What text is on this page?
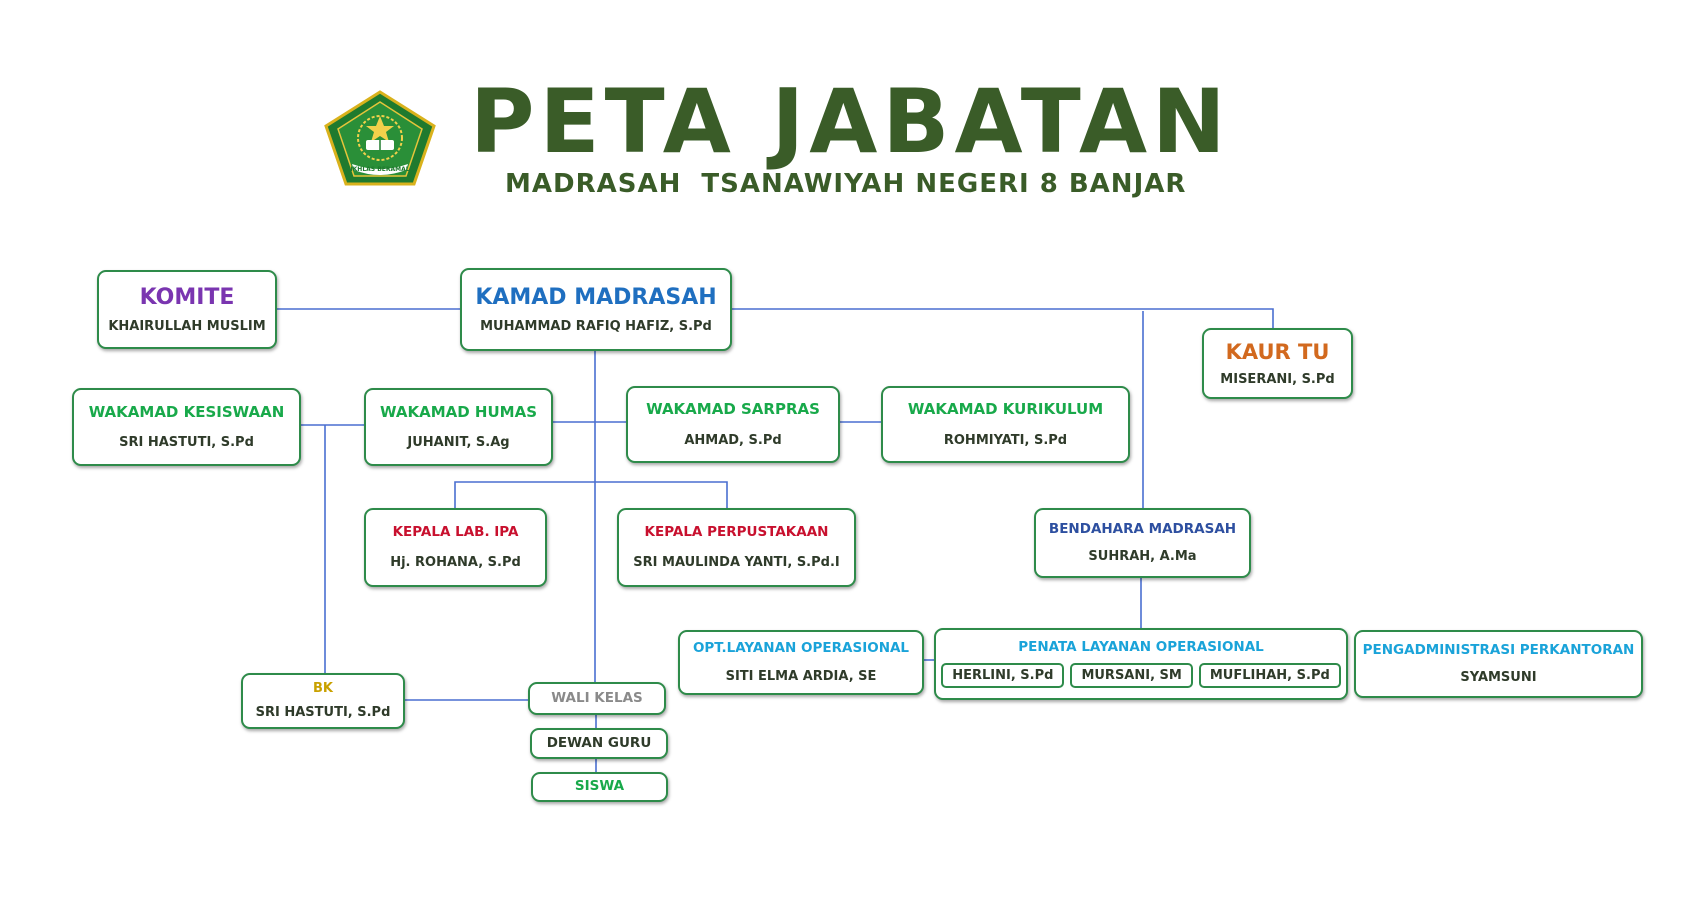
IKHLAS BERAMAL PETA JABATAN
MADRASAH  TSANAWIYAH NEGERI 8 BANJAR
KOMITE
KHAIRULLAH MUSLIM
KAMAD MADRASAH
MUHAMMAD RAFIQ HAFIZ, S.Pd
KAUR TU
MISERANI, S.Pd
WAKAMAD KESISWAAN
SRI HASTUTI, S.Pd
WAKAMAD HUMAS
JUHANIT, S.Ag
WAKAMAD SARPRAS
AHMAD, S.Pd
WAKAMAD KURIKULUM
ROHMIYATI, S.Pd
KEPALA LAB. IPA
Hj. ROHANA, S.Pd
KEPALA PERPUSTAKAAN
SRI MAULINDA YANTI, S.Pd.I
BENDAHARA MADRASAH
SUHRAH, A.Ma
OPT.LAYANAN OPERASIONAL
SITI ELMA ARDIA, SE
PENATA LAYANAN OPERASIONAL
HERLINI, S.Pd	MURSANI, SM	MUFLIHAH, S.Pd
PENGADMINISTRASI PERKANTORAN
SYAMSUNI
BK
SRI HASTUTI, S.Pd
WALI KELAS
DEWAN GURU
SISWA
